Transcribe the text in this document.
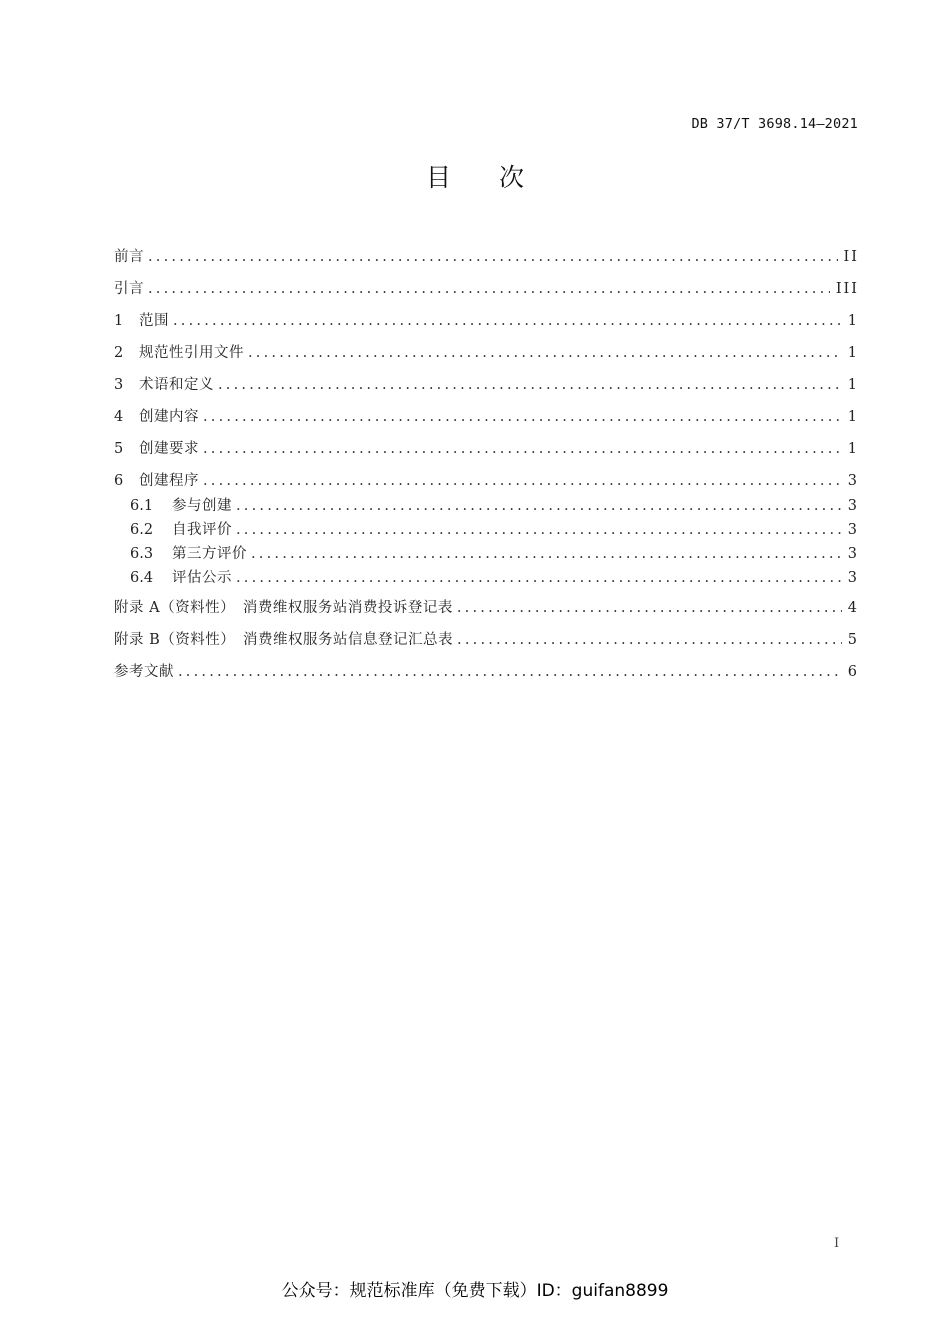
DB 37/T 3698.14—2021
目次
前言 .....	II
引言 .....	III
1	范围 .....	1
2	规范性引用文件 .....	1
3	术语和定义 .....	1
4	创建内容 .....	1
5	创建要求 .....	1
6	创建程序 .....	3
6.1	参与创建 .....	3
6.2	自我评价 .....	3
6.3	第三方评价 .....	3
6.4	评估公示 .....	3
附录 A（资料性）　消费维权服务站消费投诉登记表 .....	4
附录 B（资料性）　消费维权服务站信息登记汇总表 .....	5
参考文献 .....	6
I
公众号：规范标准库（免费下载）ID：guifan8899
